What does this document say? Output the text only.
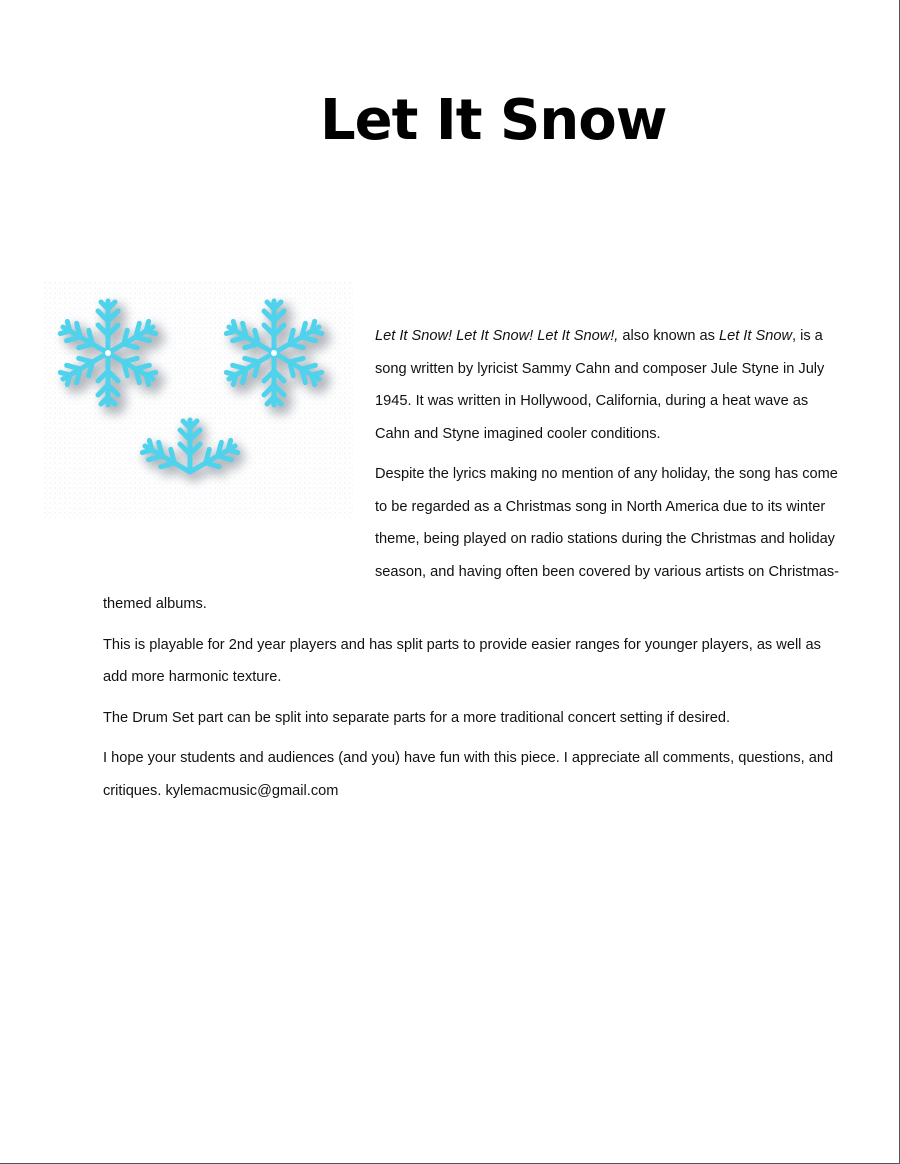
Let It Snow

Let It Snow! Let It Snow! Let It Snow!, also known as Let It Snow, is a song written by lyricist Sammy Cahn and composer Jule Styne in July 1945. It was written in Hollywood, California, during a heat wave as Cahn and Styne imagined cooler conditions.

Despite the lyrics making no mention of any holiday, the song has come to be regarded as a Christmas song in North America due to its winter theme, being played on radio stations during the Christmas and holiday season, and having often been covered by various artists on Christmas-themed albums.

This is playable for 2nd year players and has split parts to provide easier ranges for younger players, as well as add more harmonic texture.

The Drum Set part can be split into separate parts for a more traditional concert setting if desired.

I hope your students and audiences (and you) have fun with this piece. I appreciate all comments, questions, and critiques. kylemacmusic@gmail.com
